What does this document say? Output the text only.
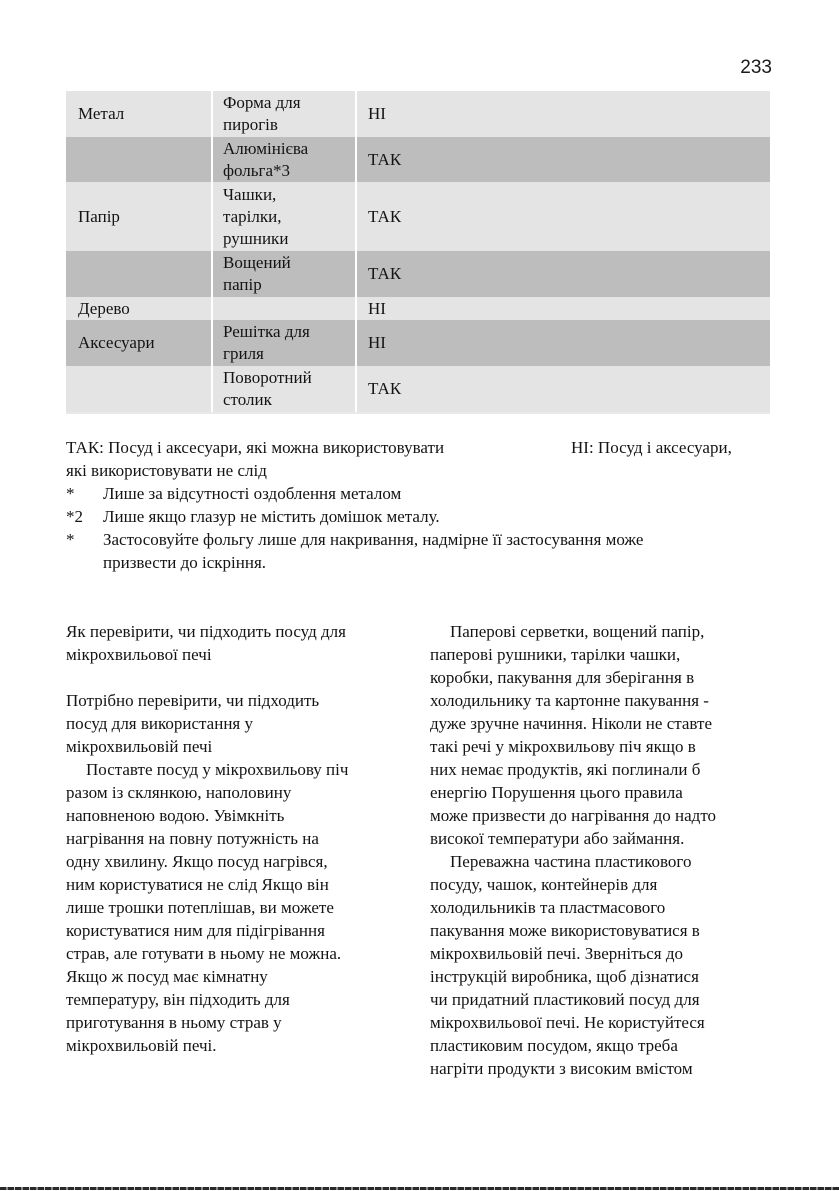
233
Метал
Форма для
пирогів
НІ
Алюмінієва
фольга*3
ТАК
Папір
Чашки,
тарілки,
рушники
ТАК
Вощений
папір
ТАК
Дерево	НІ
Аксесуари
Решітка для
гриля
НІ
Поворотний
столик
ТАК
ТАК: Посуд і аксесуари, які можна використовувати	НІ: Посуд і аксесуари,
які використовувати не слід
* Лише за відсутності оздоблення металом
*2 Лише якщо глазур не містить домішок металу.
* Застосовуйте фольгу лише для накривання, надмірне її застосування може
призвести до іскріння.

Як перевірити, чи підходить посуд для
мікрохвильової печі

Потрібно перевірити, чи підходить
посуд для використання у
мікрохвильовій печі

Поставте посуд у мікрохвильову піч
разом із склянкою, наполовину
наповненою водою. Увімкніть
нагрівання на повну потужність на
одну хвилину. Якщо посуд нагрівся,
ним користуватися не слід Якщо він
лише трошки потеплішав, ви можете
користуватися ним для підігрівання
страв, але готувати в ньому не можна.
Якщо ж посуд має кімнатну
температуру, він підходить для
приготування в ньому страв у
мікрохвильовій печі.

Паперові серветки, вощений папір,
паперові рушники, тарілки чашки,
коробки, пакування для зберігання в
холодильнику та картонне пакування -
дуже зручне начиння. Ніколи не ставте
такі речі у мікрохвильову піч якщо в
них немає продуктів, які поглинали б
енергію Порушення цього правила
може призвести до нагрівання до надто
високої температури або займання.

Переважна частина пластикового
посуду, чашок, контейнерів для
холодильників та пластмасового
пакування може використовуватися в
мікрохвильовій печі. Зверніться до
інструкцій виробника, щоб дізнатися
чи придатний пластиковий посуд для
мікрохвильової печі. Не користуйтеся
пластиковим посудом, якщо треба
нагріти продукти з високим вмістом
